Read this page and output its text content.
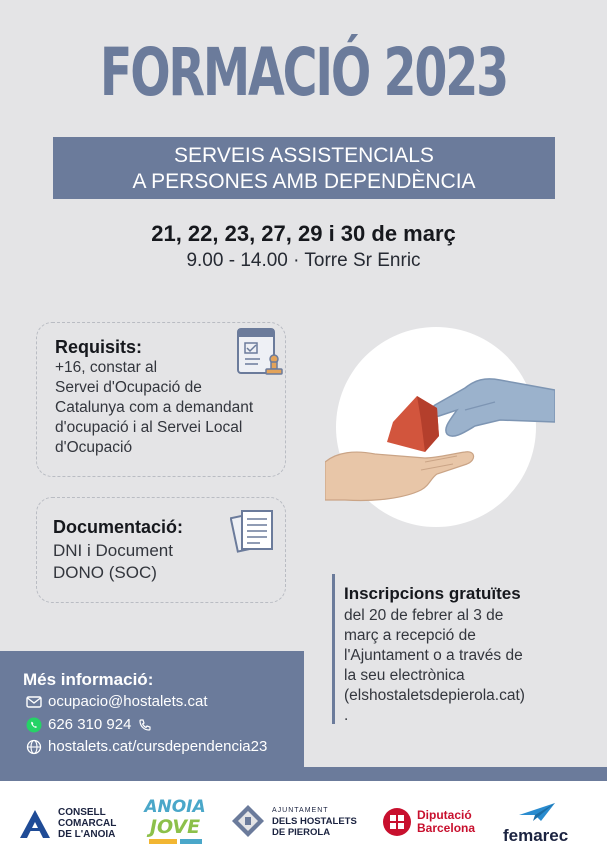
FORMACIÓ 2023
SERVEIS ASSISTENCIALS
A PERSONES AMB DEPENDÈNCIA
21, 22, 23, 27, 29 i 30 de març
9.00 - 14.00 · Torre Sr Enric
Requisits:
+16, constar al
Servei d'Ocupació de
Catalunya com a demandant
d'ocupació i al Servei Local
d'Ocupació
Documentació:
DNI i Document
DONO (SOC)
Inscripcions gratuïtes
del 20 de febrer al 3 de
març a recepció de
l'Ajuntament o a través de
la seu electrònica
(elshostaletsdepierola.cat)
.
Més informació:
ocupacio@hostalets.cat
626 310 924
hostalets.cat/cursdependencia23
CONSELL
COMARCAL
DE L'ANOIA
ANOIA
JOVE
AJUNTAMENT
DELS HOSTALETS
DE PIEROLA
Diputació
Barcelona femarec
